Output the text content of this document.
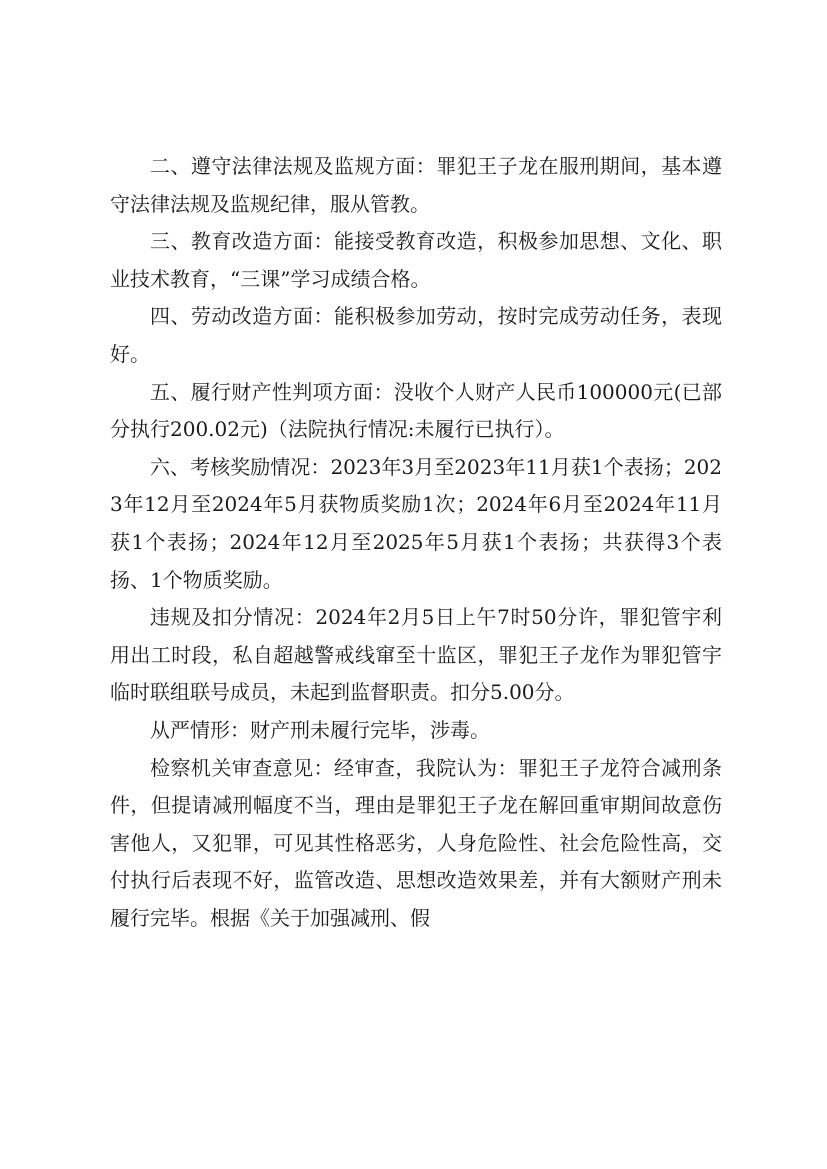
二、遵守法律法规及监规方面：罪犯王子龙在服刑期间，基本遵守法律法规及监规纪律，服从管教。

三、教育改造方面：能接受教育改造，积极参加思想、文化、职业技术教育，“三课”学习成绩合格。

四、劳动改造方面：能积极参加劳动，按时完成劳动任务，表现好。

五、履行财产性判项方面：没收个人财产人民币100000元(已部分执行200.02元)（法院执行情况:未履行已执行）。

六、考核奖励情况：2023年3月至2023年11月获1个表扬；2023年12月至2024年5月获物质奖励1次；2024年6月至2024年11月获1个表扬；2024年12月至2025年5月获1个表扬；共获得3个表扬、1个物质奖励。

违规及扣分情况：2024年2月5日上午7时50分许，罪犯管宇利用出工时段，私自超越警戒线窜至十监区，罪犯王子龙作为罪犯管宇临时联组联号成员，未起到监督职责。扣分5.00分。

从严情形：财产刑未履行完毕，涉毒。

检察机关审查意见：经审查，我院认为：罪犯王子龙符合减刑条件，但提请减刑幅度不当，理由是罪犯王子龙在解回重审期间故意伤害他人，又犯罪，可见其性格恶劣，人身危险性、社会危险性高，交付执行后表现不好，监管改造、思想改造效果差，并有大额财产刑未履行完毕。根据《关于加强减刑、假
